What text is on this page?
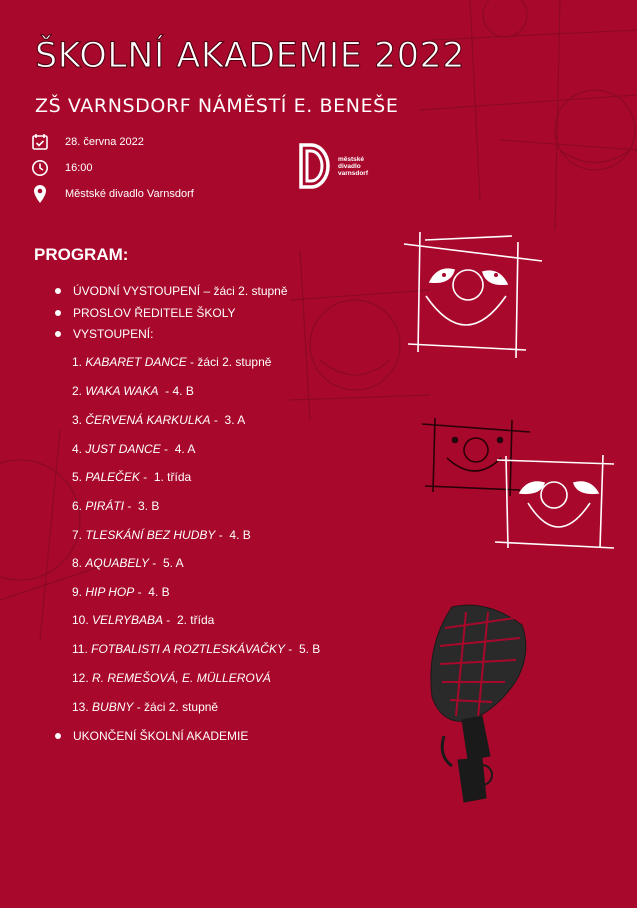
ŠKOLNÍ AKADEMIE 2022
ZŠ VARNSDORF NÁMĚSTÍ E. BENEŠE
28. června 2022
16:00
Městské divadlo Varnsdorf
městské
divadlo
varnsdorf
PROGRAM:
ÚVODNÍ VYSTOUPENÍ – žáci 2. stupně
PROSLOV ŘEDITELE ŠKOLY
VYSTOUPENÍ:
1. KABARET DANCE - žáci 2. stupně
2. WAKA WAKA  - 4. B
3. ČERVENÁ KARKULKA -  3. A
4. JUST DANCE -  4. A
5. PALEČEK -  1. třída
6. PIRÁTI -  3. B
7. TLESKÁNÍ BEZ HUDBY -  4. B
8. AQUABELY -  5. A
9. HIP HOP -  4. B
10. VELRYBABA -  2. třída
11. FOTBALISTI A ROZTLESKÁVAČKY -  5. B
12. R. REMEŠOVÁ, E. MÜLLEROVÁ
13. BUBNY - žáci 2. stupně
UKONČENÍ ŠKOLNÍ AKADEMIE
